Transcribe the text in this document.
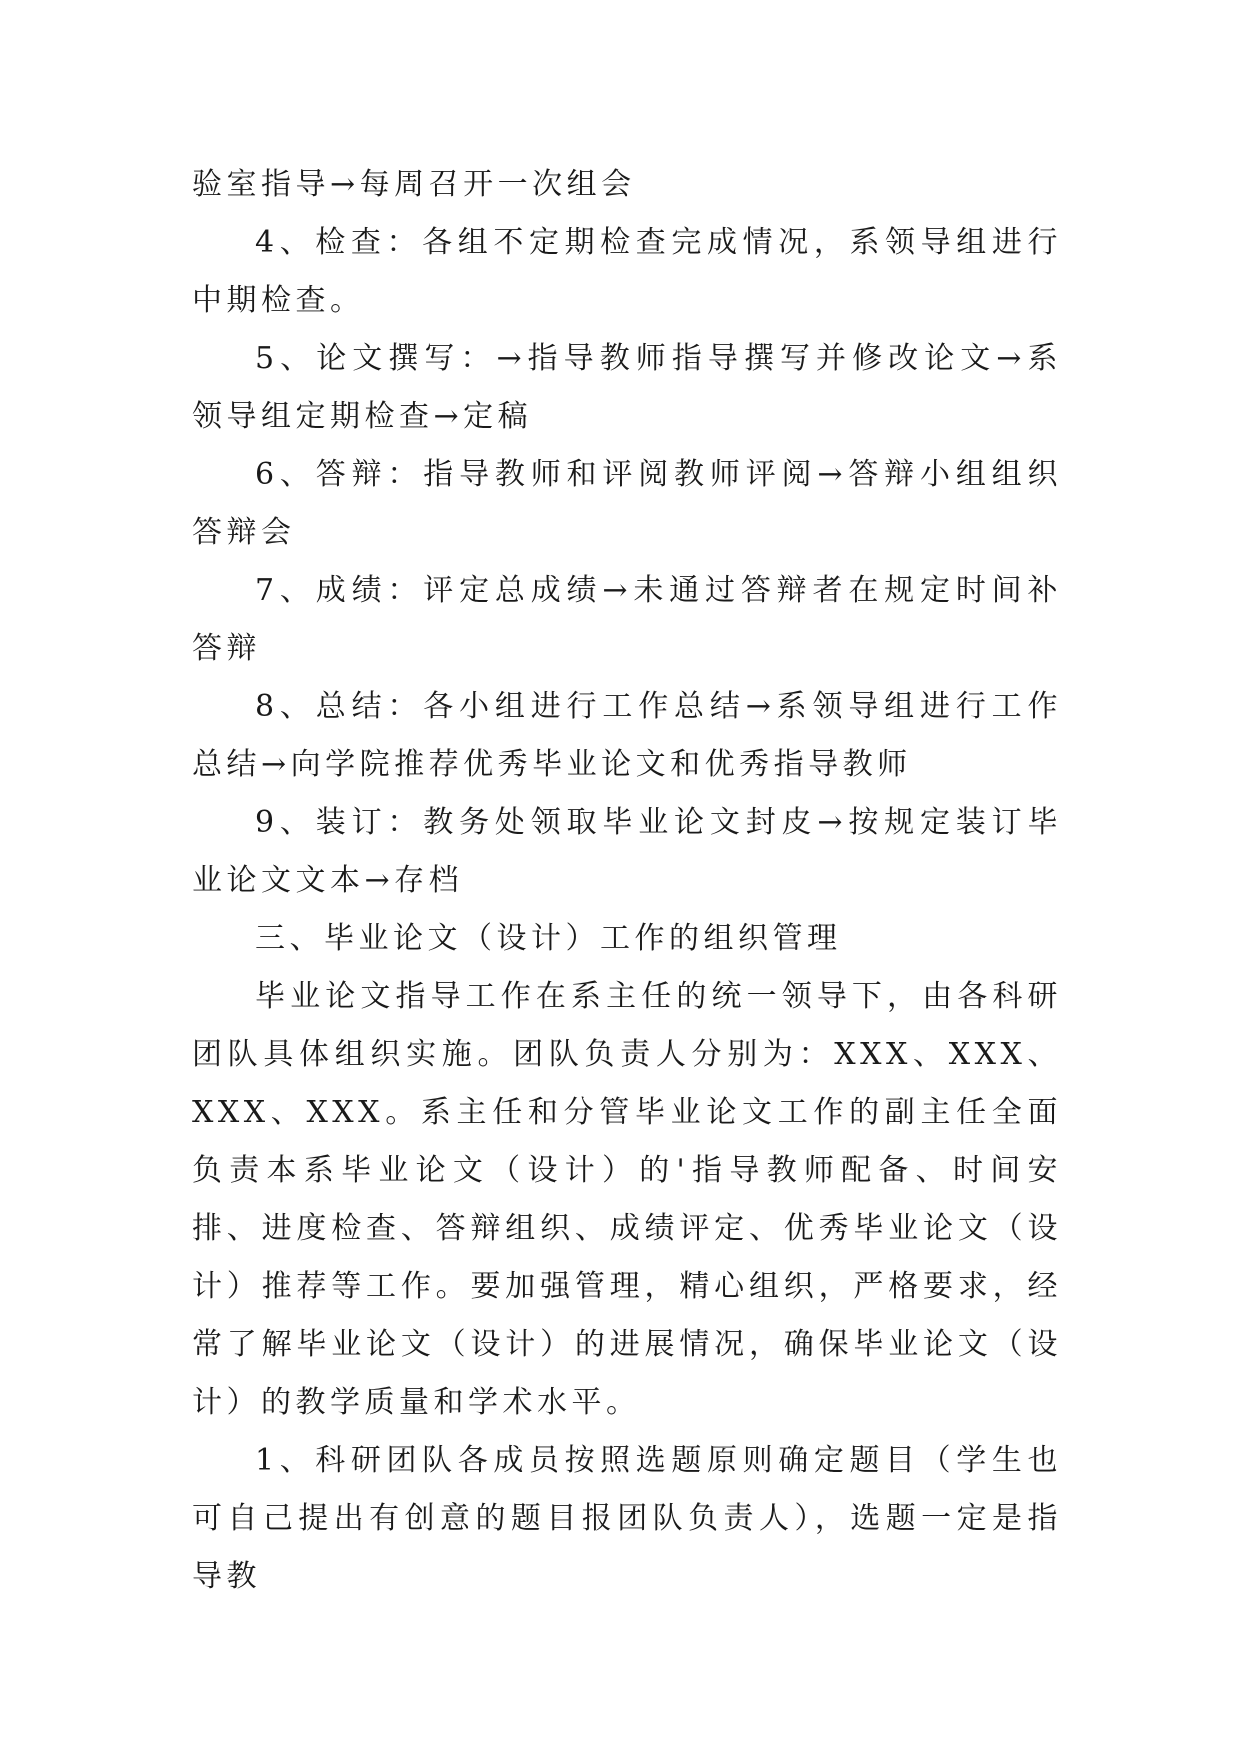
验室指导→每周召开一次组会

4、检查：各组不定期检查完成情况，系领导组进行中期检查。

5、论文撰写：→指导教师指导撰写并修改论文→系领导组定期检查→定稿

6、答辩：指导教师和评阅教师评阅→答辩小组组织答辩会

7、成绩：评定总成绩→未通过答辩者在规定时间补答辩

8、总结：各小组进行工作总结→系领导组进行工作总结→向学院推荐优秀毕业论文和优秀指导教师

9、装订：教务处领取毕业论文封皮→按规定装订毕业论文文本→存档

三、毕业论文（设计）工作的组织管理

毕业论文指导工作在系主任的统一领导下，由各科研团队具体组织实施。团队负责人分别为：XXX、XXX、XXX、XXX。系主任和分管毕业论文工作的副主任全面负责本系毕业论文（设计）的'指导教师配备、时间安排、进度检查、答辩组织、成绩评定、优秀毕业论文（设计）推荐等工作。要加强管理，精心组织，严格要求，经常了解毕业论文（设计）的进展情况，确保毕业论文（设计）的教学质量和学术水平。

1、科研团队各成员按照选题原则确定题目（学生也可自己提出有创意的题目报团队负责人），选题一定是指导教
